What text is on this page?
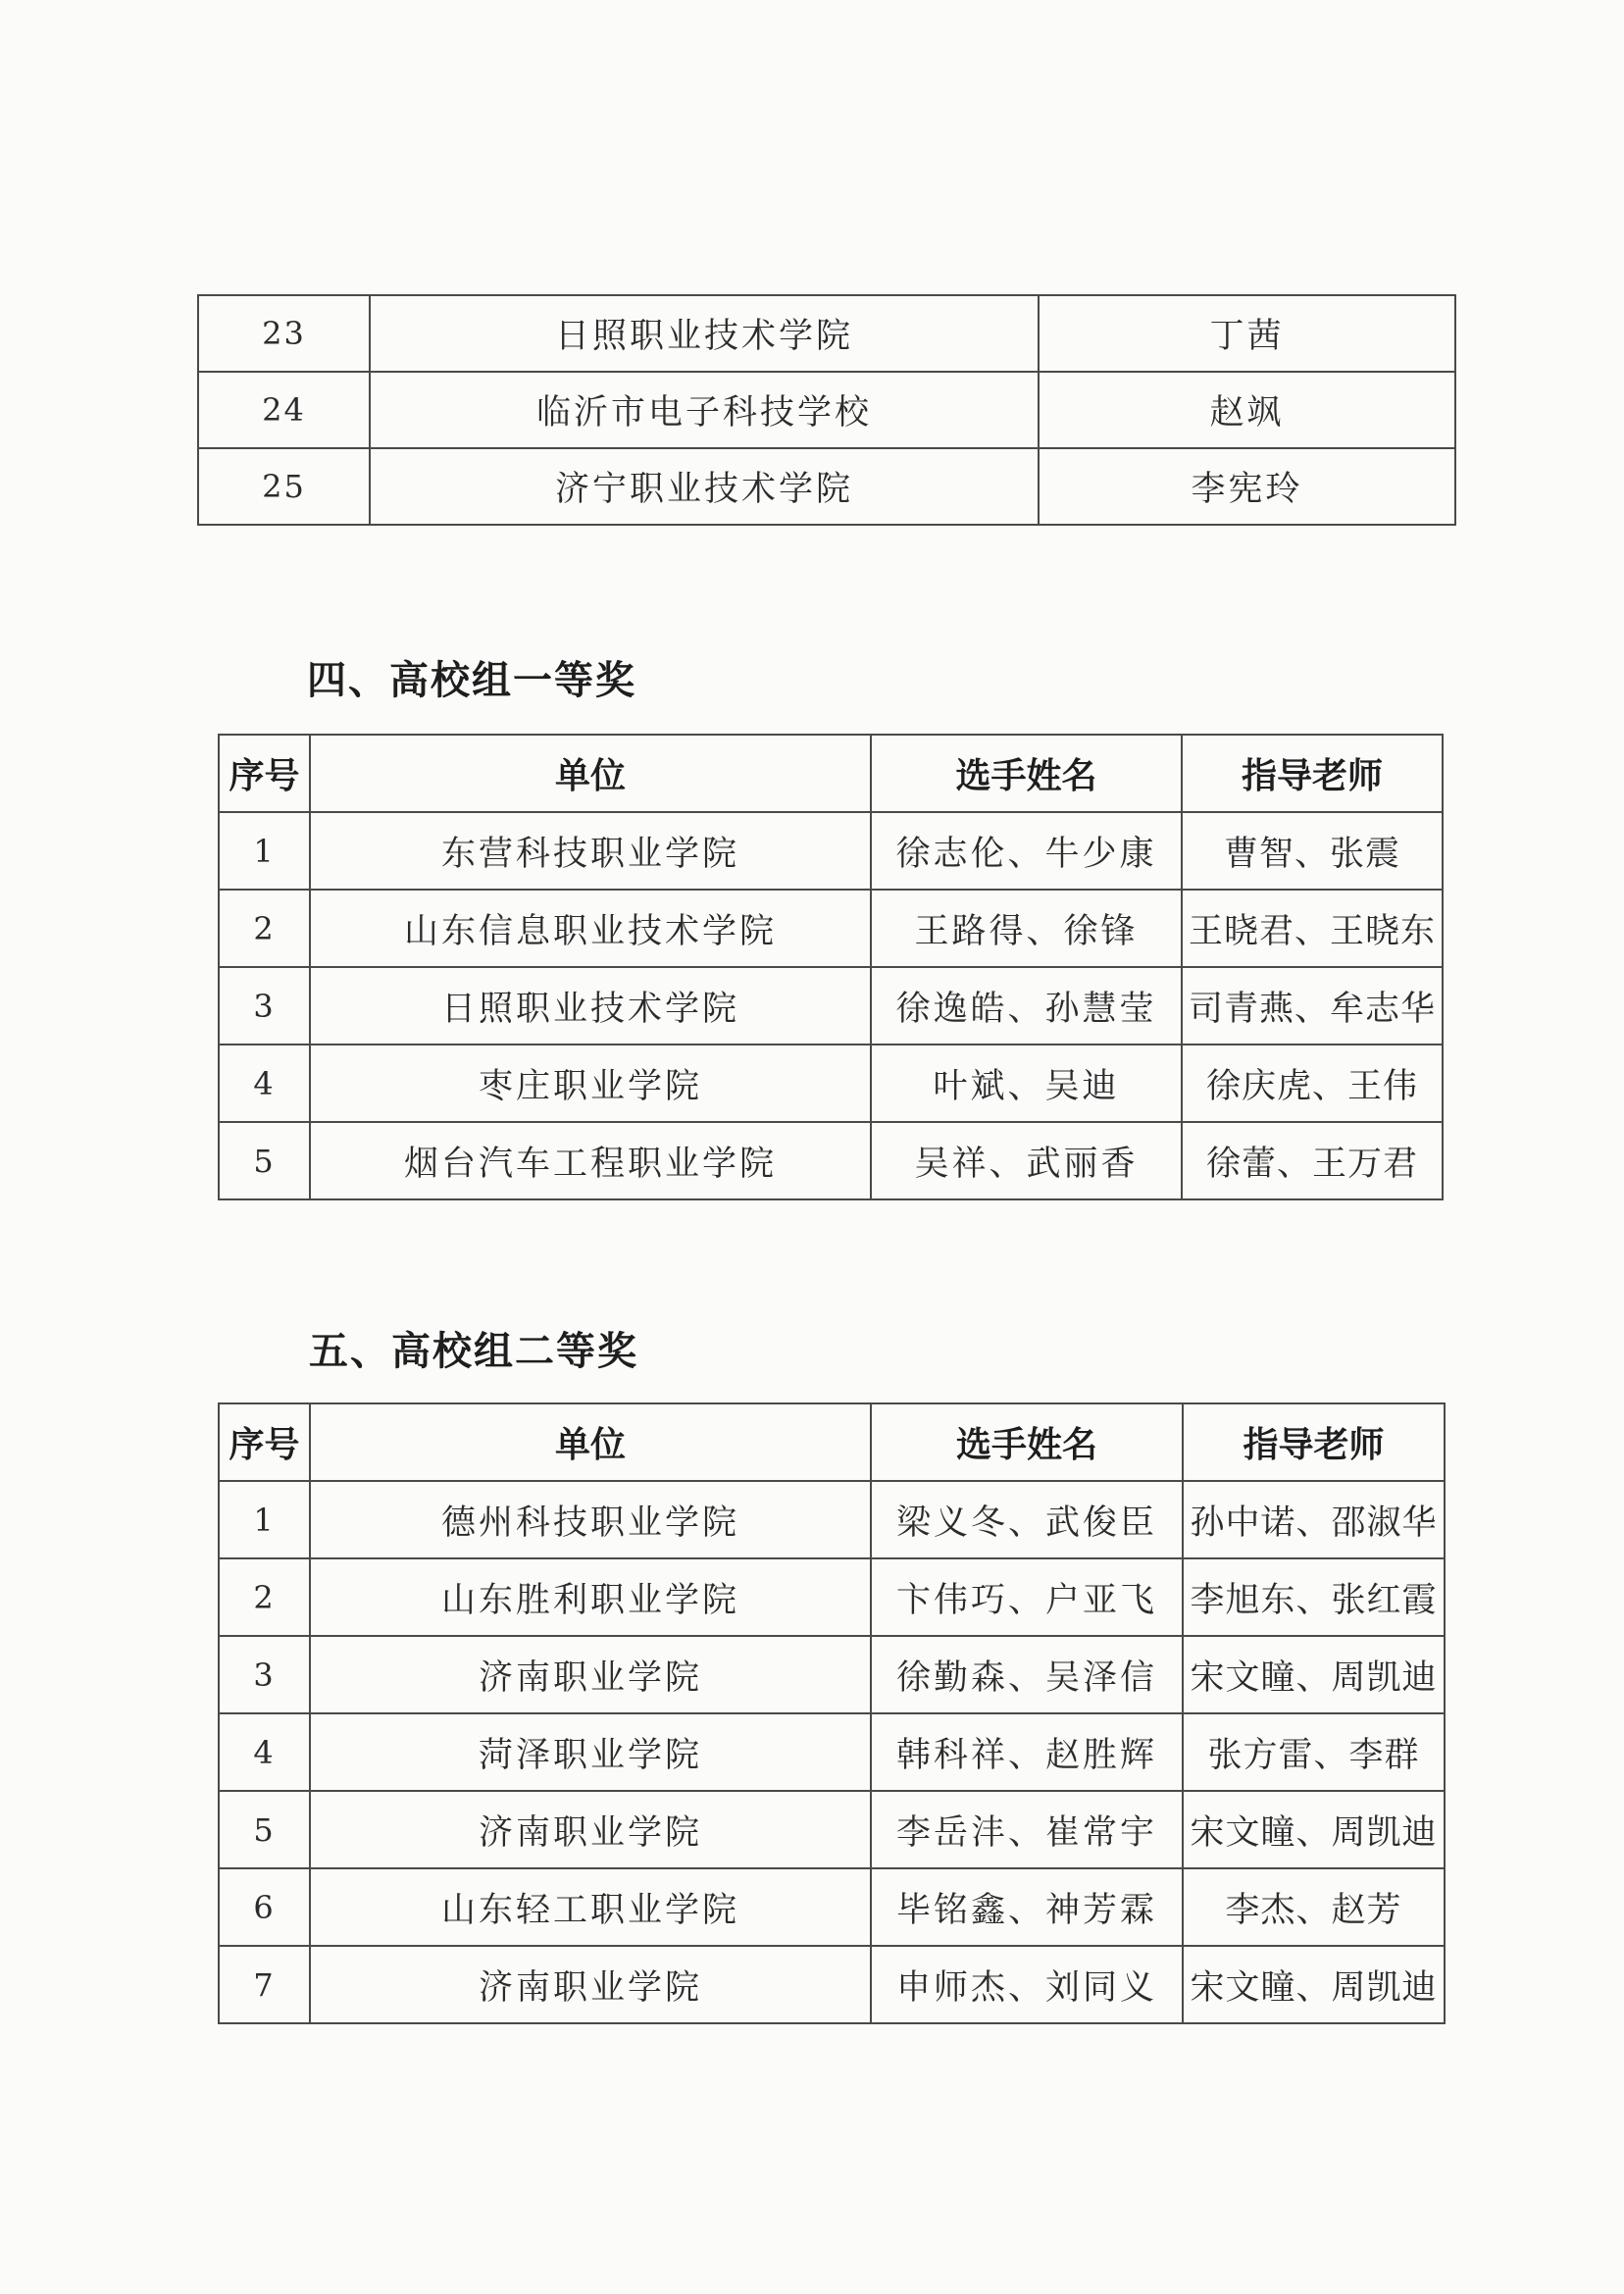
23	日照职业技术学院	丁茜
24	临沂市电子科技学校	赵飒
25	济宁职业技术学院	李宪玲
四、高校组一等奖
序号	单位	选手姓名	指导老师
1	东营科技职业学院	徐志伦、牛少康	曹智、张震
2	山东信息职业技术学院	王路得、徐锋	王晓君、王晓东
3	日照职业技术学院	徐逸皓、孙慧莹	司青燕、牟志华
4	枣庄职业学院	叶斌、吴迪	徐庆虎、王伟
5	烟台汽车工程职业学院	吴祥、武丽香	徐蕾、王万君
五、高校组二等奖
序号	单位	选手姓名	指导老师
1	德州科技职业学院	梁义冬、武俊臣	孙中诺、邵淑华
2	山东胜利职业学院	卞伟巧、户亚飞	李旭东、张红霞
3	济南职业学院	徐勤森、吴泽信	宋文瞳、周凯迪
4	菏泽职业学院	韩科祥、赵胜辉	张方雷、李群
5	济南职业学院	李岳沣、崔常宇	宋文瞳、周凯迪
6	山东轻工职业学院	毕铭鑫、神芳霖	李杰、赵芳
7	济南职业学院	申师杰、刘同义	宋文瞳、周凯迪
